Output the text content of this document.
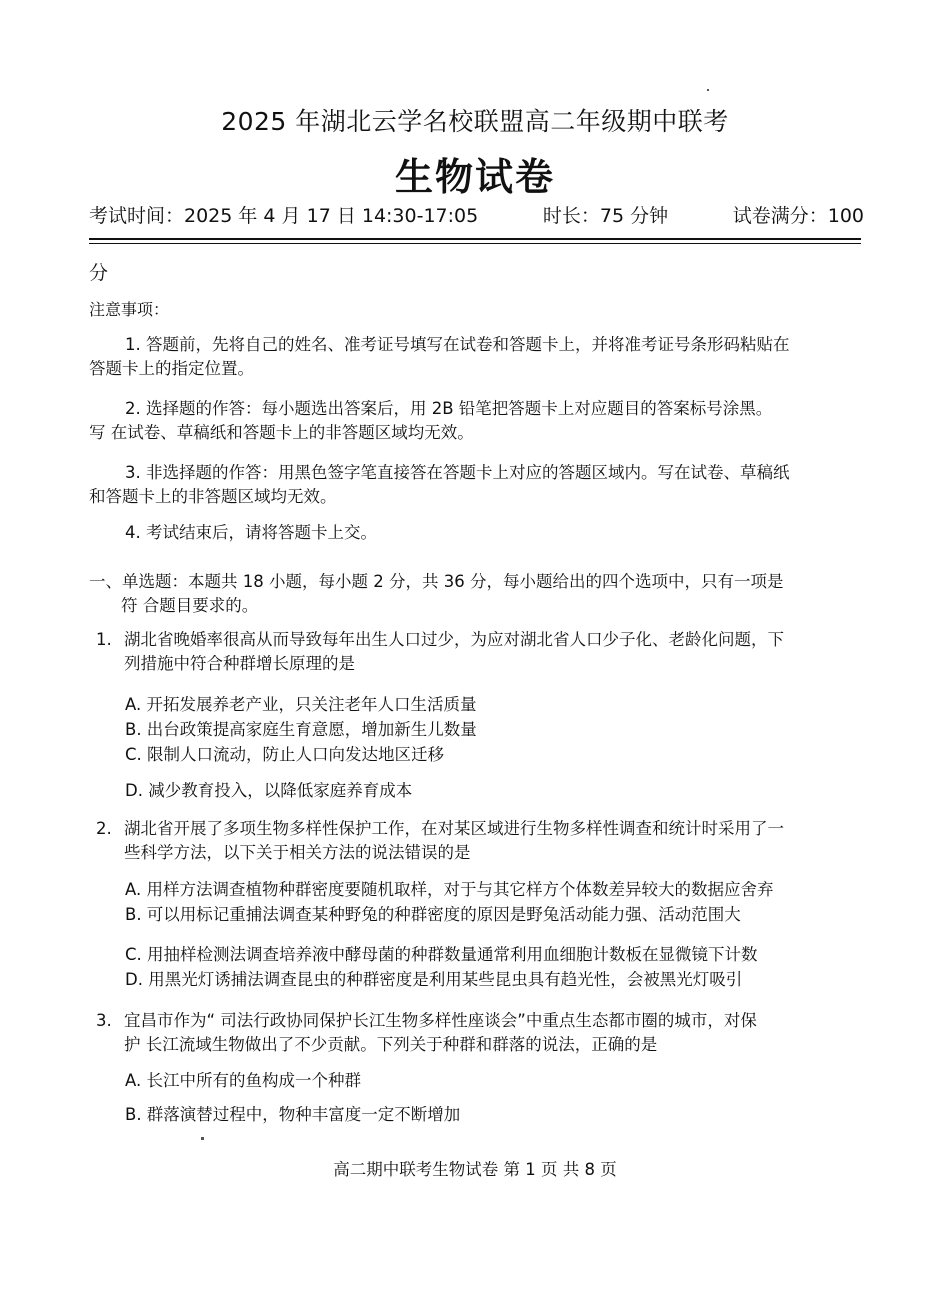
2025 年湖北云学名校联盟高二年级期中联考
生物试卷
考试时间：2025 年 4 月 17 日 14:30-17:05	时长：75 分钟	试卷满分：100
分
注意事项：
1. 答题前，先将自己的姓名、准考证号填写在试卷和答题卡上，并将准考证号条形码粘贴在
答题卡上的指定位置。
2. 选择题的作答：每小题选出答案后，用 2B 铅笔把答题卡上对应题目的答案标号涂黑。
写 在试卷、草稿纸和答题卡上的非答题区域均无效。
3. 非选择题的作答：用黑色签字笔直接答在答题卡上对应的答题区域内。写在试卷、草稿纸
和答题卡上的非答题区域均无效。
4. 考试结束后，请将答题卡上交。
一、单选题：本题共 18 小题，每小题 2 分，共 36 分，每小题给出的四个选项中，只有一项是
符 合题目要求的。
1. 湖北省晚婚率很高从而导致每年出生人口过少，为应对湖北省人口少子化、老龄化问题，下
列措施中符合种群增长原理的是
A. 开拓发展养老产业，只关注老年人口生活质量
B. 出台政策提高家庭生育意愿，增加新生儿数量
C. 限制人口流动，防止人口向发达地区迁移
D. 减少教育投入，以降低家庭养育成本
2. 湖北省开展了多项生物多样性保护工作，在对某区域进行生物多样性调查和统计时采用了一
些科学方法，以下关于相关方法的说法错误的是
A. 用样方法调查植物种群密度要随机取样，对于与其它样方个体数差异较大的数据应舍弃
B. 可以用标记重捕法调查某种野兔的种群密度的原因是野兔活动能力强、活动范围大
C. 用抽样检测法调查培养液中酵母菌的种群数量通常利用血细胞计数板在显微镜下计数
D. 用黑光灯诱捕法调查昆虫的种群密度是利用某些昆虫具有趋光性，会被黑光灯吸引
3. 宜昌市作为“ 司法行政协同保护长江生物多样性座谈会”中重点生态都市圈的城市，对保
护 长江流域生物做出了不少贡献。下列关于种群和群落的说法，正确的是
A. 长江中所有的鱼构成一个种群
B. 群落演替过程中，物种丰富度一定不断增加
高二期中联考生物试卷 第 1 页 共 8 页
